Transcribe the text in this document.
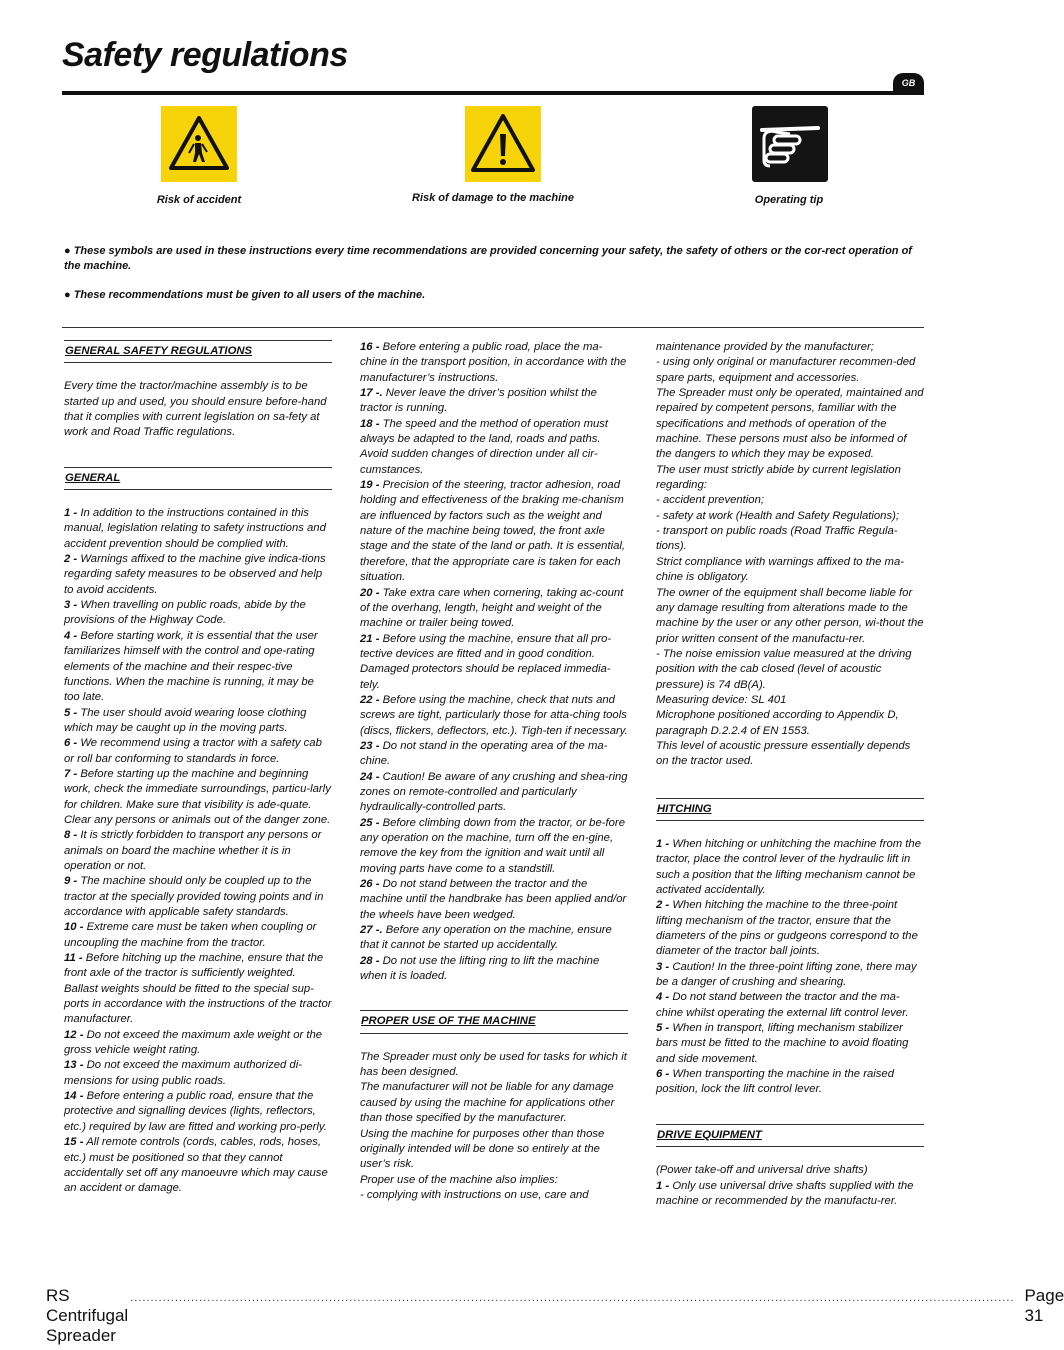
Safety regulations
GB
Risk of accident	Risk of damage to the machine	Operating tip

● These symbols are used in these instructions every time recommendations are provided concerning your safety, the safety of others or the cor-rect operation of the machine.

● These recommendations must be given to all users of the machine.

GENERAL SAFETY REGULATIONS

Every time the tractor/machine assembly is to be started up and used, you should ensure before-hand that it complies with current legislation on sa-fety at work and Road Traffic regulations.

GENERAL

1 - In addition to the instructions contained in this manual, legislation relating to safety instructions and accident prevention should be complied with.

2 - Warnings affixed to the machine give indica-tions regarding safety measures to be observed and help to avoid accidents.

3 - When travelling on public roads, abide by the provisions of the Highway Code.

4 - Before starting work, it is essential that the user familiarizes himself with the control and ope-rating elements of the machine and their respec-tive functions. When the machine is running, it may be too late.

5 - The user should avoid wearing loose clothing which may be caught up in the moving parts.

6 - We recommend using a tractor with a safety cab or roll bar conforming to standards in force.

7 - Before starting up the machine and beginning work, check the immediate surroundings, particu-larly for children. Make sure that visibility is ade-quate. Clear any persons or animals out of the danger zone.

8 - It is strictly forbidden to transport any persons or animals on board the machine whether it is in operation or not.

9 - The machine should only be coupled up to the tractor at the specially provided towing points and in accordance with applicable safety standards.

10 - Extreme care must be taken when coupling or uncoupling the machine from the tractor.

11 - Before hitching up the machine, ensure that the front axle of the tractor is sufficiently weighted. Ballast weights should be fitted to the special sup-ports in accordance with the instructions of the tractor manufacturer.

12 - Do not exceed the maximum axle weight or the gross vehicle weight rating.

13 - Do not exceed the maximum authorized di-mensions for using public roads.

14 - Before entering a public road, ensure that the protective and signalling devices (lights, reflectors, etc.) required by law are fitted and working pro-perly.

15 - All remote controls (cords, cables, rods, hoses, etc.) must be positioned so that they cannot accidentally set off any manoeuvre which may cause an accident or damage.

16 - Before entering a public road, place the ma-chine in the transport position, in accordance with the manufacturer’s instructions.

17 -. Never leave the driver’s position whilst the tractor is running.

18 - The speed and the method of operation must always be adapted to the land, roads and paths. Avoid sudden changes of direction under all cir-cumstances.

19 - Precision of the steering, tractor adhesion, road holding and effectiveness of the braking me-chanism are influenced by factors such as the weight and nature of the machine being towed, the front axle stage and the state of the land or path. It is essential, therefore, that the appropriate care is taken for each situation.

20 - Take extra care when cornering, taking ac-count of the overhang, length, height and weight of the machine or trailer being towed.

21 - Before using the machine, ensure that all pro-tective devices are fitted and in good condition. Damaged protectors should be replaced immedia-tely.

22 - Before using the machine, check that nuts and screws are tight, particularly those for atta-ching tools (discs, flickers, deflectors, etc.). Tigh-ten if necessary.

23 - Do not stand in the operating area of the ma-chine.

24 - Caution! Be aware of any crushing and shea-ring zones on remote-controlled and particularly hydraulically-controlled parts.

25 - Before climbing down from the tractor, or be-fore any operation on the machine, turn off the en-gine, remove the key from the ignition and wait until all moving parts have come to a standstill.

26 - Do not stand between the tractor and the machine until the handbrake has been applied and/or the wheels have been wedged.

27 -. Before any operation on the machine, ensure that it cannot be started up accidentally.

28 - Do not use the lifting ring to lift the machine when it is loaded.

PROPER USE OF THE MACHINE

The Spreader must only be used for tasks for which it has been designed.

The manufacturer will not be liable for any damage caused by using the machine for applications other than those specified by the manufacturer.

Using the machine for purposes other than those originally intended will be done so entirely at the user’s risk.

Proper use of the machine also implies:

- complying with instructions on use, care and

maintenance provided by the manufacturer;

- using only original or manufacturer recommen-ded spare parts, equipment and accessories.

The Spreader must only be operated, maintained and repaired by competent persons, familiar with the specifications and methods of operation of the machine. These persons must also be informed of the dangers to which they may be exposed.

The user must strictly abide by current legislation regarding:

- accident prevention;

- safety at work (Health and Safety Regulations);

- transport on public roads (Road Traffic Regula-tions).

Strict compliance with warnings affixed to the ma-chine is obligatory.

The owner of the equipment shall become liable for any damage resulting from alterations made to the machine by the user or any other person, wi-thout the prior written consent of the manufactu-rer.

- The noise emission value measured at the driving position with the cab closed (level of acoustic pressure) is 74 dB(A).

Measuring device: SL 401

Microphone positioned according to Appendix D, paragraph D.2.2.4 of EN 1553.

This level of acoustic pressure essentially depends on the tractor used.

HITCHING

1 - When hitching or unhitching the machine from the tractor, place the control lever of the hydraulic lift in such a position that the lifting mechanism cannot be activated accidentally.

2 - When hitching the machine to the three-point lifting mechanism of the tractor, ensure that the diameters of the pins or gudgeons correspond to the diameter of the tractor ball joints.

3 - Caution! In the three-point lifting zone, there may be a danger of crushing and shearing.

4 - Do not stand between the tractor and the ma-chine whilst operating the external lift control lever.

5 - When in transport, lifting mechanism stabilizer bars must be fitted to the machine to avoid floating and side movement.

6 - When transporting the machine in the raised position, lock the lift control lever.

DRIVE EQUIPMENT

(Power take-off and universal drive shafts)

1 - Only use universal drive shafts supplied with the machine or recommended by the manufactu-rer.

RS Centrifugal Spreader
.......................................................................................................................................................................................................................... Page 31
